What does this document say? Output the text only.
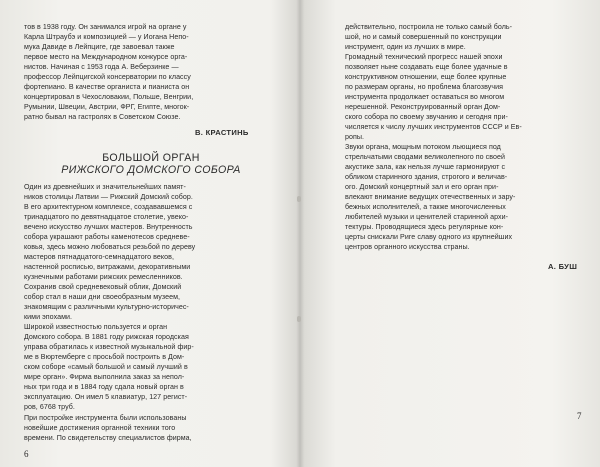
тов в 1938 году. Он занимался игрой на органе у
Карла Штраубэ и композицией — у Иогана Непо-
мука Давиде в Лейпциге, где завоевал также
первое место на Международном конкурсе орга-
нистов. Начиная с 1953 года А. Веберзинке —
профессор Лейпцигской консерватории по классу
фортепиано. В качестве органиста и пианиста он
концертировал в Чехословакии, Польше, Венгрии,
Румынии, Швеции, Австрии, ФРГ, Египте, многок-
ратно бывал на гастролях в Советском Союзе.
В. КРАСТИНЬ
БОЛЬШОЙ ОРГАН
РИЖСКОГО ДОМСКОГО СОБОРА
Один из древнейших и значительнейших памят-
ников столицы Латвии — Рижский Домский собор.
В его архитектурном комплексе, создававшемся с
тринадцатого по девятнадцатое столетие, увеко-
вечено искусство лучших мастеров. Внутренность
собора украшают работы каменотесов средневе-
ковья, здесь можно любоваться резьбой по дереву
мастеров пятнадцатого-семнадцатого веков,
настенной росписью, витражами, декоративными
кузнечными работами рижских ремесленников.
Сохранив свой средневековый облик, Домский
собор стал в наши дни своеобразным музеем,
знакомящим с различными культурно-историчес-
кими эпохами.
Широкой известностью пользуется и орган
Домского собора. В 1881 году рижская городская
управа обратилась к известной музыкальной фир-
ме в Вюртемберге с просьбой построить в Дом-
ском соборе «самый большой и самый лучший в
мире орган». Фирма выполнила заказ за непол-
ных три года и в 1884 году сдала новый орган в
эксплуатацию. Он имел 5 клавиатур, 127 регист-
ров, 6768 труб.
При постройке инструмента были использованы
новейшие достижения органной техники того
времени. По свидетельству специалистов фирма,
6
действительно, построила не только самый боль-
шой, но и самый совершенный по конструкции
инструмент, один из лучших в мире.
Громадный технический прогресс нашей эпохи
позволяет ныне создавать еще более удачные в
конструктивном отношении, еще более крупные
по размерам органы, но проблема благозвучия
инструмента продолжает оставаться во многом
нерешенной. Реконструированный орган Дом-
ского собора по своему звучанию и сегодня при-
числяется к числу лучших инструментов СССР и Ев-
ропы.
Звуки органа, мощным потоком льющиеся под
стрельчатыми сводами великолепного по своей
акустике зала, как нельзя лучше гармонируют с
обликом старинного здания, строгого и величав-
ого. Домский концертный зал и его орган при-
влекают внимание ведущих отечественных и зару-
бежных исполнителей, а также многочисленных
любителей музыки и ценителей старинной архи-
тектуры. Проводящиеся здесь регулярные кон-
церты снискали Риге славу одного из крупнейших
центров органного искусства страны.
А. БУШ
7
